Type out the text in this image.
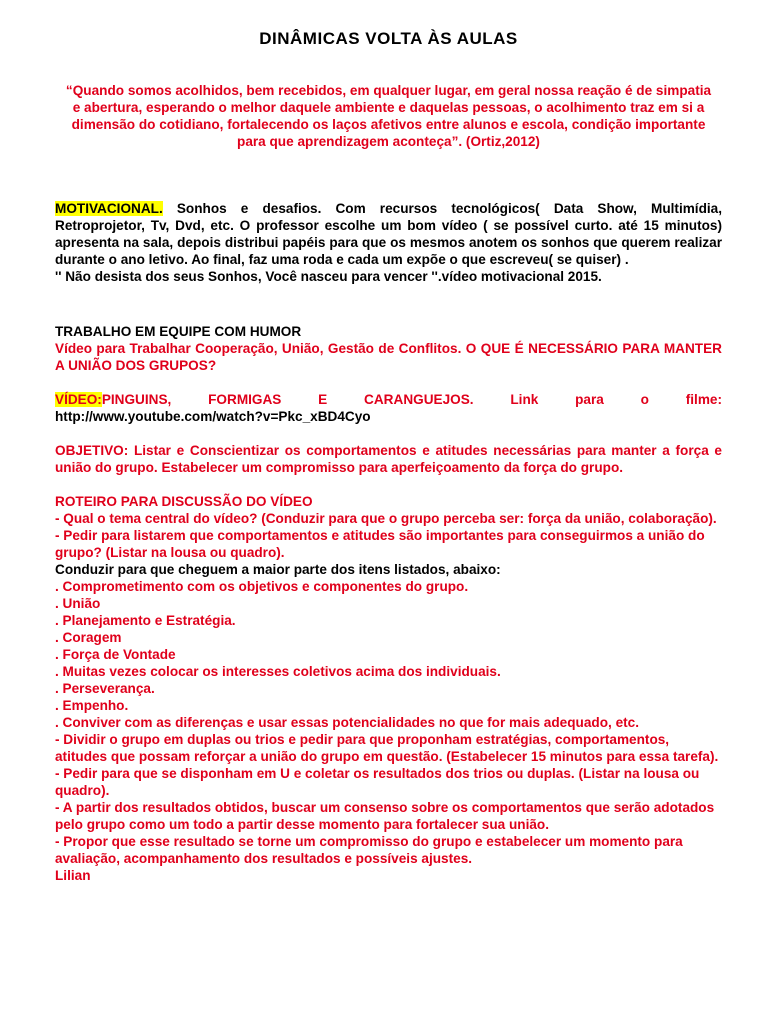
DINÂMICAS VOLTA ÀS AULAS

“Quando somos acolhidos, bem recebidos, em qualquer lugar, em geral nossa reação é de simpatia e abertura, esperando o melhor daquele ambiente e daquelas pessoas, o acolhimento traz em si a dimensão do cotidiano, fortalecendo os laços afetivos entre alunos e escola, condição importante para que aprendizagem aconteça”. (Ortiz,2012)

MOTIVACIONAL. Sonhos e desafios. Com recursos tecnológicos( Data Show, Multimídia, Retroprojetor, Tv, Dvd, etc. O professor escolhe um bom vídeo ( se possível curto. até 15 minutos) apresenta na sala, depois distribui papéis para que os mesmos anotem os sonhos que querem realizar durante o ano letivo. Ao final, faz uma roda e cada um expõe o que escreveu( se quiser) .

'' Não desista dos seus Sonhos, Você nasceu para vencer ''.vídeo motivacional 2015.

TRABALHO EM EQUIPE COM HUMOR

Vídeo para Trabalhar Cooperação, União, Gestão de Conflitos. O QUE É NECESSÁRIO PARA MANTER A UNIÃO DOS GRUPOS?

VÍDEO:PINGUINS, FORMIGAS E CARANGUEJOS. Link para o filme:

http://www.youtube.com/watch?v=Pkc_xBD4Cyo

OBJETIVO: Listar e Conscientizar os comportamentos e atitudes necessárias para manter a força e união do grupo. Estabelecer um compromisso para aperfeiçoamento da força do grupo.

ROTEIRO PARA DISCUSSÃO DO VÍDEO

- Qual o tema central do vídeo? (Conduzir para que o grupo perceba ser: força da união, colaboração).

- Pedir para listarem que comportamentos e atitudes são importantes para conseguirmos a união do grupo? (Listar na lousa ou quadro).

Conduzir para que cheguem a maior parte dos itens listados, abaixo:

. Comprometimento com os objetivos e componentes do grupo.

. União

. Planejamento e Estratégia.

. Coragem

. Força de Vontade

. Muitas vezes colocar os interesses coletivos acima dos individuais.

. Perseverança.

. Empenho.

. Conviver com as diferenças e usar essas potencialidades no que for mais adequado, etc.

- Dividir o grupo em duplas ou trios e pedir para que proponham estratégias, comportamentos, atitudes que possam reforçar a união do grupo em questão. (Estabelecer 15 minutos para essa tarefa).

- Pedir para que se disponham em U e coletar os resultados dos trios ou duplas. (Listar na lousa ou quadro).

- A partir dos resultados obtidos, buscar um consenso sobre os comportamentos que serão adotados pelo grupo como um todo a partir desse momento para fortalecer sua união.

- Propor que esse resultado se torne um compromisso do grupo e estabelecer um momento para avaliação, acompanhamento dos resultados e possíveis ajustes.

Lilian
